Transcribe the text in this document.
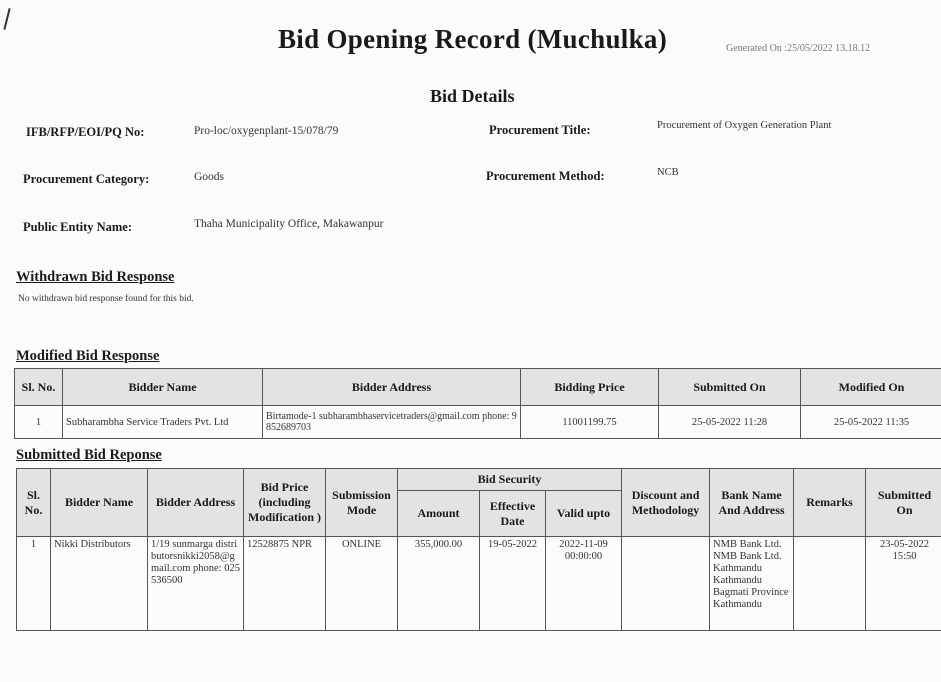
Bid Opening Record (Muchulka)	Generated On :25/05/2022 13.18.12
Bid Details
IFB/RFP/EOI/PQ No:	Pro-loc/oxygenplant-15/078/79	Procurement Title:	Procurement of Oxygen Generation Plant
Procurement Category:	Goods	Procurement Method:	NCB
Public Entity Name:	Thaha Municipality Office, Makawanpur
Withdrawn Bid Response
No withdrawn bid response found for this bid.
Modified Bid Response
Sl. No.	Bidder Name	Bidder Address	Bidding Price	Submitted On	Modified On
1	Subharambha Service Traders Pvt. Ltd	Birtamode-1 subharambhaservicetraders@gmail.com phone: 9852689703	11001199.75	25-05-2022 11:28	25-05-2022 11:35
Submitted Bid Reponse
Sl. No.	Bidder Name	Bidder Address	Bid Price (including Modification )	Submission Mode	Bid Security			Discount and Methodology	Bank Name And Address	Remarks	Submitted On
					Amount	Effective Date	Valid upto				
1	Nikki Distributors	1/19 sunmarga distributorsnikki2058@gmail.com phone: 025536500	12528875 NPR	ONLINE	355,000.00	19-05-2022	2022-11-09 00:00:00		NMB Bank Ltd. NMB Bank Ltd. Kathmandu Kathmandu Bagmati Province Kathmandu		23-05-2022 15:50
